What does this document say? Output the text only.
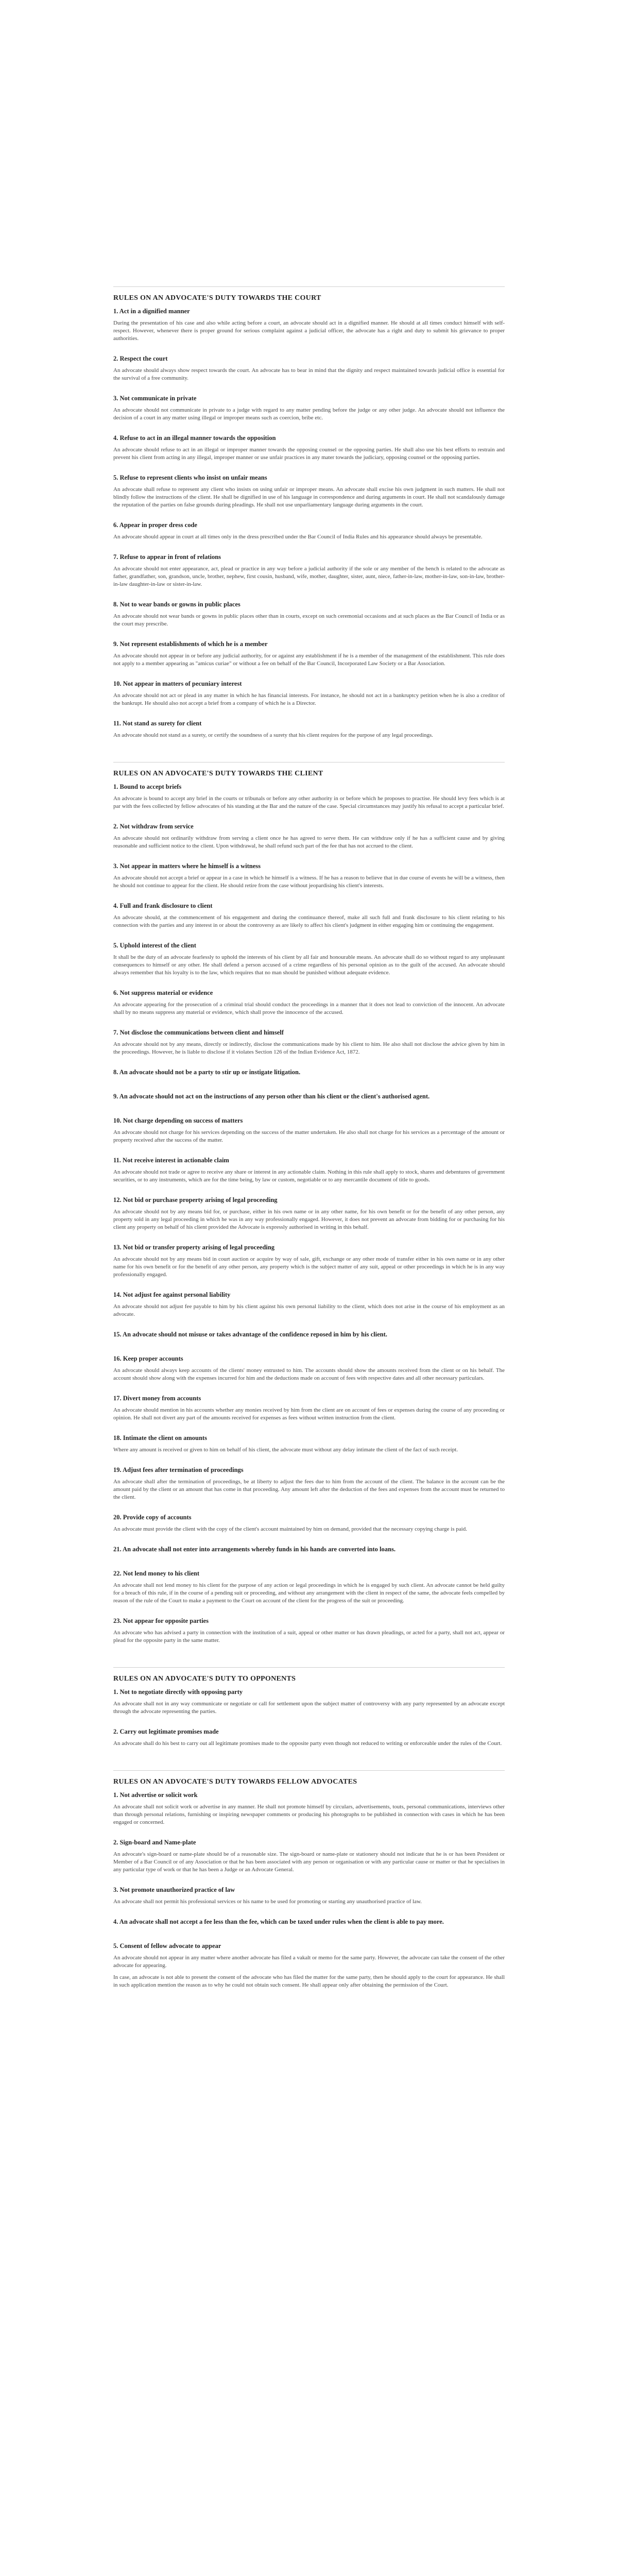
RULES ON AN ADVOCATE'S DUTY TOWARDS THE COURT
1. Act in a dignified manner
During the presentation of his case and also while acting before a court, an advocate should act in a dignified manner. He should at all times conduct himself with self-respect. However, whenever there is proper ground for serious complaint against a judicial officer, the advocate has a right and duty to submit his grievance to proper authorities.
2. Respect the court
An advocate should always show respect towards the court. An advocate has to bear in mind that the dignity and respect maintained towards judicial office is essential for the survival of a free community.
3. Not communicate in private
An advocate should not communicate in private to a judge with regard to any matter pending before the judge or any other judge. An advocate should not influence the decision of a court in any matter using illegal or improper means such as coercion, bribe etc.
4. Refuse to act in an illegal manner towards the opposition
An advocate should refuse to act in an illegal or improper manner towards the opposing counsel or the opposing parties. He shall also use his best efforts to restrain and prevent his client from acting in any illegal, improper manner or use unfair practices in any mater towards the judiciary, opposing counsel or the opposing parties.
5. Refuse to represent clients who insist on unfair means
An advocate shall refuse to represent any client who insists on using unfair or improper means. An advocate shall excise his own judgment in such matters. He shall not blindly follow the instructions of the client. He shall be dignified in use of his language in correspondence and during arguments in court. He shall not scandalously damage the reputation of the parties on false grounds during pleadings. He shall not use unparliamentary language during arguments in the court.
6. Appear in proper dress code
An advocate should appear in court at all times only in the dress prescribed under the Bar Council of India Rules and his appearance should always be presentable.
7. Refuse to appear in front of relations
An advocate should not enter appearance, act, plead or practice in any way before a judicial authority if the sole or any member of the bench is related to the advocate as father, grandfather, son, grandson, uncle, brother, nephew, first cousin, husband, wife, mother, daughter, sister, aunt, niece, father-in-law, mother-in-law, son-in-law, brother-in-law daughter-in-law or sister-in-law.
8. Not to wear bands or gowns in public places
An advocate should not wear bands or gowns in public places other than in courts, except on such ceremonial occasions and at such places as the Bar Council of India or as the court may prescribe.
9. Not represent establishments of which he is a member
An advocate should not appear in or before any judicial authority, for or against any establishment if he is a member of the management of the establishment. This rule does not apply to a member appearing as "amicus curiae" or without a fee on behalf of the Bar Council, Incorporated Law Society or a Bar Association.
10. Not appear in matters of pecuniary interest
An advocate should not act or plead in any matter in which he has financial interests. For instance, he should not act in a bankruptcy petition when he is also a creditor of the bankrupt. He should also not accept a brief from a company of which he is a Director.
11. Not stand as surety for client
An advocate should not stand as a surety, or certify the soundness of a surety that his client requires for the purpose of any legal proceedings.
RULES ON AN ADVOCATE'S DUTY TOWARDS THE CLIENT
1. Bound to accept briefs
An advocate is bound to accept any brief in the courts or tribunals or before any other authority in or before which he proposes to practise. He should levy fees which is at par with the fees collected by fellow advocates of his standing at the Bar and the nature of the case. Special circumstances may justify his refusal to accept a particular brief.
2. Not withdraw from service
An advocate should not ordinarily withdraw from serving a client once he has agreed to serve them. He can withdraw only if he has a sufficient cause and by giving reasonable and sufficient notice to the client. Upon withdrawal, he shall refund such part of the fee that has not accrued to the client.
3. Not appear in matters where he himself is a witness
An advocate should not accept a brief or appear in a case in which he himself is a witness. If he has a reason to believe that in due course of events he will be a witness, then he should not continue to appear for the client. He should retire from the case without jeopardising his client's interests.
4. Full and frank disclosure to client
An advocate should, at the commencement of his engagement and during the continuance thereof, make all such full and frank disclosure to his client relating to his connection with the parties and any interest in or about the controversy as are likely to affect his client's judgment in either engaging him or continuing the engagement.
5. Uphold interest of the client
It shall be the duty of an advocate fearlessly to uphold the interests of his client by all fair and honourable means. An advocate shall do so without regard to any unpleasant consequences to himself or any other. He shall defend a person accused of a crime regardless of his personal opinion as to the guilt of the accused. An advocate should always remember that his loyalty is to the law, which requires that no man should be punished without adequate evidence.
6. Not suppress material or evidence
An advocate appearing for the prosecution of a criminal trial should conduct the proceedings in a manner that it does not lead to conviction of the innocent. An advocate shall by no means suppress any material or evidence, which shall prove the innocence of the accused.
7. Not disclose the communications between client and himself
An advocate should not by any means, directly or indirectly, disclose the communications made by his client to him. He also shall not disclose the advice given by him in the proceedings. However, he is liable to disclose if it violates Section 126 of the Indian Evidence Act, 1872.
8. An advocate should not be a party to stir up or instigate litigation.
9. An advocate should not act on the instructions of any person other than his client or the client's authorised agent.
10. Not charge depending on success of matters
An advocate should not charge for his services depending on the success of the matter undertaken. He also shall not charge for his services as a percentage of the amount or property received after the success of the matter.
11. Not receive interest in actionable claim
An advocate should not trade or agree to receive any share or interest in any actionable claim. Nothing in this rule shall apply to stock, shares and debentures of government securities, or to any instruments, which are for the time being, by law or custom, negotiable or to any mercantile document of title to goods.
12. Not bid or purchase property arising of legal proceeding
An advocate should not by any means bid for, or purchase, either in his own name or in any other name, for his own benefit or for the benefit of any other person, any property sold in any legal proceeding in which he was in any way professionally engaged. However, it does not prevent an advocate from bidding for or purchasing for his client any property on behalf of his client provided the Advocate is expressly authorised in writing in this behalf.
13. Not bid or transfer property arising of legal proceeding
An advocate should not by any means bid in court auction or acquire by way of sale, gift, exchange or any other mode of transfer either in his own name or in any other name for his own benefit or for the benefit of any other person, any property which is the subject matter of any suit, appeal or other proceedings in which he is in any way professionally engaged.
14. Not adjust fee against personal liability
An advocate should not adjust fee payable to him by his client against his own personal liability to the client, which does not arise in the course of his employment as an advocate.
15. An advocate should not misuse or takes advantage of the confidence reposed in him by his client.
16. Keep proper accounts
An advocate should always keep accounts of the clients' money entrusted to him. The accounts should show the amounts received from the client or on his behalf. The account should show along with the expenses incurred for him and the deductions made on account of fees with respective dates and all other necessary particulars.
17. Divert money from accounts
An advocate should mention in his accounts whether any monies received by him from the client are on account of fees or expenses during the course of any proceeding or opinion. He shall not divert any part of the amounts received for expenses as fees without written instruction from the client.
18. Intimate the client on amounts
Where any amount is received or given to him on behalf of his client, the advocate must without any delay intimate the client of the fact of such receipt.
19. Adjust fees after termination of proceedings
An advocate shall after the termination of proceedings, be at liberty to adjust the fees due to him from the account of the client. The balance in the account can be the amount paid by the client or an amount that has come in that proceeding. Any amount left after the deduction of the fees and expenses from the account must be returned to the client.
20. Provide copy of accounts
An advocate must provide the client with the copy of the client's account maintained by him on demand, provided that the necessary copying charge is paid.
21. An advocate shall not enter into arrangements whereby funds in his hands are converted into loans.
22. Not lend money to his client
An advocate shall not lend money to his client for the purpose of any action or legal proceedings in which he is engaged by such client. An advocate cannot be held guilty for a breach of this rule, if in the course of a pending suit or proceeding, and without any arrangement with the client in respect of the same, the advocate feels compelled by reason of the rule of the Court to make a payment to the Court on account of the client for the progress of the suit or proceeding.
23. Not appear for opposite parties
An advocate who has advised a party in connection with the institution of a suit, appeal or other matter or has drawn pleadings, or acted for a party, shall not act, appear or plead for the opposite party in the same matter.
RULES ON AN ADVOCATE'S DUTY TO OPPONENTS
1. Not to negotiate directly with opposing party
An advocate shall not in any way communicate or negotiate or call for settlement upon the subject matter of controversy with any party represented by an advocate except through the advocate representing the parties.
2. Carry out legitimate promises made
An advocate shall do his best to carry out all legitimate promises made to the opposite party even though not reduced to writing or enforceable under the rules of the Court.
RULES ON AN ADVOCATE'S DUTY TOWARDS FELLOW ADVOCATES
1. Not advertise or solicit work
An advocate shall not solicit work or advertise in any manner. He shall not promote himself by circulars, advertisements, touts, personal communications, interviews other than through personal relations, furnishing or inspiring newspaper comments or producing his photographs to be published in connection with cases in which he has been engaged or concerned.
2. Sign-board and Name-plate
An advocate's sign-board or name-plate should be of a reasonable size. The sign-board or name-plate or stationery should not indicate that he is or has been President or Member of a Bar Council or of any Association or that he has been associated with any person or organisation or with any particular cause or matter or that he specialises in any particular type of work or that he has been a Judge or an Advocate General.
3. Not promote unauthorized practice of law
An advocate shall not permit his professional services or his name to be used for promoting or starting any unauthorised practice of law.
4. An advocate shall not accept a fee less than the fee, which can be taxed under rules when the client is able to pay more.
5. Consent of fellow advocate to appear
An advocate should not appear in any matter where another advocate has filed a vakalt or memo for the same party. However, the advocate can take the consent of the other advocate for appearing.
In case, an advocate is not able to present the consent of the advocate who has filed the matter for the same party, then he should apply to the court for appearance. He shall in such application mention the reason as to why he could not obtain such consent. He shall appear only after obtaining the permission of the Court.
